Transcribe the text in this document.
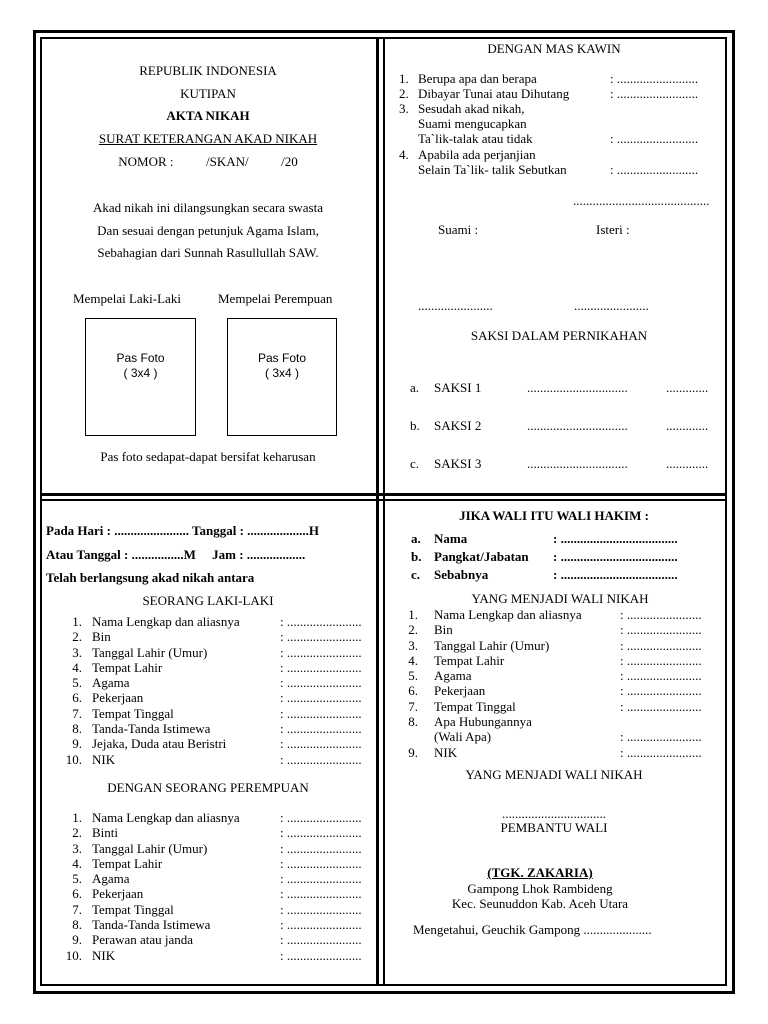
REPUBLIK INDONESIA
KUTIPAN
AKTA NIKAH
SURAT KETERANGAN AKAD NIKAH
NOMOR :          /SKAN/          /20
Akad nikah ini dilangsungkan secara swasta
Dan sesuai dengan petunjuk Agama Islam,
Sebahagian dari Sunnah Rasullullah SAW.
Mempelai Laki-Laki	Mempelai Perempuan
Pas Foto
( 3x4 )
Pas Foto
( 3x4 )
Pas foto sedapat-dapat bersifat keharusan
DENGAN MAS KAWIN
1. Berupa apa dan berapa	: .........................
2. Dibayar Tunai atau Dihutang	: .........................
3. Sesudah akad nikah,
Suami mengucapkan
Ta`lik-talak atau tidak	: .........................
4. Apabila ada perjanjian
Selain Ta`lik- talik Sebutkan	: .........................
..........................................
Suami :	Isteri :
.......................	.......................
SAKSI DALAM PERNIKAHAN
a. SAKSI 1	...............................	.............
b. SAKSI 2	...............................	.............
c. SAKSI 3	...............................	.............
Pada Hari : ....................... Tanggal : ...................H
Atau Tanggal : ................M     Jam : ..................
Telah berlangsung akad nikah antara
SEORANG LAKI-LAKI
1. Nama Lengkap dan aliasnya	: .......................
2. Bin	: .......................
3. Tanggal Lahir (Umur)	: .......................
4. Tempat Lahir	: .......................
5. Agama	: .......................
6. Pekerjaan	: .......................
7. Tempat Tinggal	: .......................
8. Tanda-Tanda Istimewa	: .......................
9. Jejaka, Duda atau Beristri	: .......................
10. NIK	: .......................
DENGAN SEORANG PEREMPUAN
1. Nama Lengkap dan aliasnya	: .......................
2. Binti	: .......................
3. Tanggal Lahir (Umur)	: .......................
4. Tempat Lahir	: .......................
5. Agama	: .......................
6. Pekerjaan	: .......................
7. Tempat Tinggal	: .......................
8. Tanda-Tanda Istimewa	: .......................
9. Perawan atau janda	: .......................
10. NIK	: .......................
JIKA WALI ITU WALI HAKIM :
a. Nama	: ....................................
b. Pangkat/Jabatan : ....................................
c. Sebabnya	: ....................................
YANG MENJADI WALI NIKAH
1. Nama Lengkap dan aliasnya	: .......................
2. Bin	: .......................
3. Tanggal Lahir (Umur)	: .......................
4. Tempat Lahir	: .......................
5. Agama	: .......................
6. Pekerjaan	: .......................
7. Tempat Tinggal	: .......................
8. Apa Hubungannya
(Wali Apa)	: .......................
9. NIK	: .......................
YANG MENJADI WALI NIKAH
................................
PEMBANTU WALI
(TGK. ZAKARIA)
Gampong Lhok Rambideng
Kec. Seunuddon Kab. Aceh Utara
Mengetahui, Geuchik Gampong .....................
